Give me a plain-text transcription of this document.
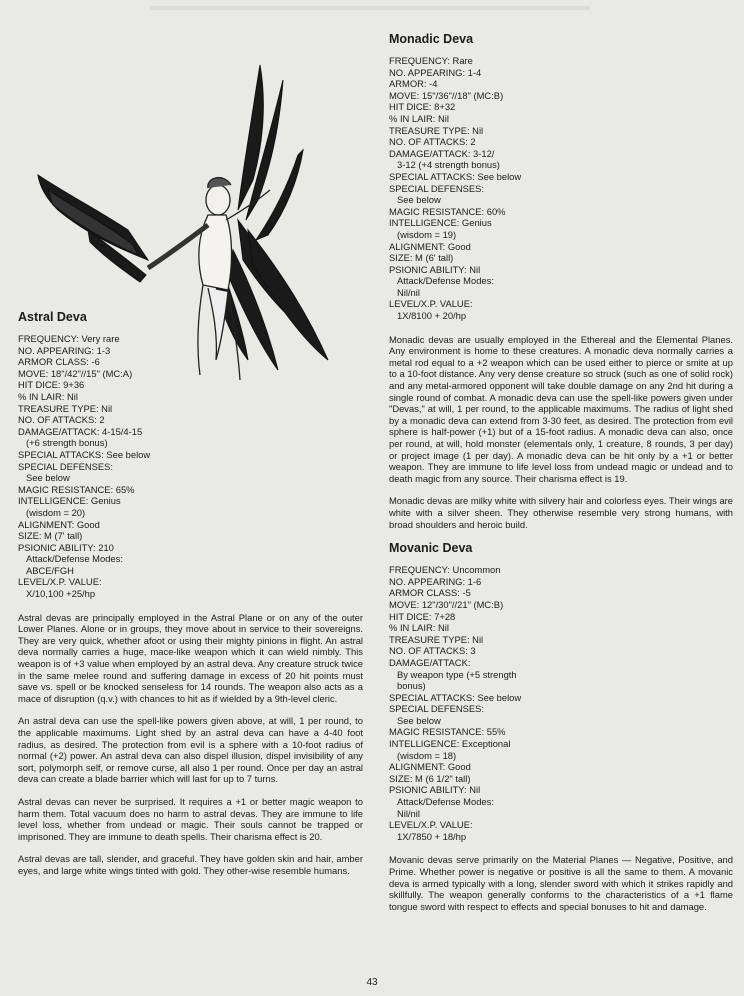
Astral Deva
FREQUENCY: Very rare
NO. APPEARING: 1-3
ARMOR CLASS: -6
MOVE: 18"/42"//15" (MC:A)
HIT DICE: 9+36
% IN LAIR: Nil
TREASURE TYPE: Nil
NO. OF ATTACKS: 2
DAMAGE/ATTACK: 4-15/4-15
(+6 strength bonus)
SPECIAL ATTACKS: See below
SPECIAL DEFENSES:
See below
MAGIC RESISTANCE: 65%
INTELLIGENCE: Genius
(wisdom = 20)
ALIGNMENT: Good
SIZE: M (7' tall)
PSIONIC ABILITY: 210
Attack/Defense Modes:
ABCE/FGH
LEVEL/X.P. VALUE:
X/10,100 +25/hp

Astral devas are principally employed in the Astral Plane or on any of the outer Lower Planes. Alone or in groups, they move about in service to their sovereigns. They are very quick, whether afoot or using their mighty pinions in flight. An astral deva normally carries a huge, mace-like weapon which it can wield nimbly. This weapon is of +3 value when employed by an astral deva. Any creature struck twice in the same melee round and suffering damage in excess of 20 hit points must save vs. spell or be knocked senseless for 14 rounds. The weapon also acts as a mace of disruption (q.v.) with chances to hit as if wielded by a 9th-level cleric.

An astral deva can use the spell-like powers given above, at will, 1 per round, to the applicable maximums. Light shed by an astral deva can have a 4-40 foot radius, as desired. The protection from evil is a sphere with a 10-foot radius of normal (+2) power. An astral deva can also dispel illusion, dispel invisibility of any sort, polymorph self, or remove curse, all also 1 per round. Once per day an astral deva can create a blade barrier which will last for up to 7 turns.

Astral devas can never be surprised. It requires a +1 or better magic weapon to harm them. Total vacuum does no harm to astral devas. They are immune to life level loss, whether from undead or magic. Their souls cannot be trapped or imprisoned. They are immune to death spells. Their charisma effect is 20.

Astral devas are tall, slender, and graceful. They have golden skin and hair, amber eyes, and large white wings tinted with gold. They other-wise resemble humans.

Monadic Deva
FREQUENCY: Rare
NO. APPEARING: 1-4
ARMOR: -4
MOVE: 15"/36"//18" (MC:B)
HIT DICE: 8+32
% IN LAIR: Nil
TREASURE TYPE: Nil
NO. OF ATTACKS: 2
DAMAGE/ATTACK: 3-12/
3-12 (+4 strength bonus)
SPECIAL ATTACKS: See below
SPECIAL DEFENSES:
See below
MAGIC RESISTANCE: 60%
INTELLIGENCE: Genius
(wisdom = 19)
ALIGNMENT: Good
SIZE: M (6' tall)
PSIONIC ABILITY: Nil
Attack/Defense Modes:
Nil/nil
LEVEL/X.P. VALUE:
1X/8100 + 20/hp

Monadic devas are usually employed in the Ethereal and the Elemental Planes. Any environment is home to these creatures. A monadic deva normally carries a metal rod equal to a +2 weapon which can be used either to pierce or smite at up to a 10-foot distance. Any very dense creature so struck (such as one of solid rock) and any metal-armored opponent will take double damage on any 2nd hit during a single round of combat. A monadic deva can use the spell-like powers given under "Devas," at will, 1 per round, to the applicable maximums. The radius of light shed by a monadic deva can extend from 3-30 feet, as desired. The protection from evil sphere is half-power (+1) but of a 15-foot radius. A monadic deva can also, once per round, at will, hold monster (elementals only, 1 creature, 8 rounds, 3 per day) or project image (1 per day). A monadic deva can be hit only by a +1 or better weapon. They are immune to life level loss from undead magic or undead and to death magic from any source. Their charisma effect is 19.

Monadic devas are milky white with silvery hair and colorless eyes. Their wings are white with a silver sheen. They otherwise resemble very strong humans, with broad shoulders and heroic build.

Movanic Deva
FREQUENCY: Uncommon
NO. APPEARING: 1-6
ARMOR CLASS: -5
MOVE: 12"/30"//21" (MC:B)
HIT DICE: 7+28
% IN LAIR: Nil
TREASURE TYPE: Nil
NO. OF ATTACKS: 3
DAMAGE/ATTACK:
By weapon type (+5 strength
bonus)
SPECIAL ATTACKS: See below
SPECIAL DEFENSES:
See below
MAGIC RESISTANCE: 55%
INTELLIGENCE: Exceptional
(wisdom = 18)
ALIGNMENT: Good
SIZE: M (6 1/2" tall)
PSIONIC ABILITY: Nil
Attack/Defense Modes:
Nil/nil
LEVEL/X.P. VALUE:
1X/7850 + 18/hp

Movanic devas serve primarily on the Material Planes — Negative, Positive, and Prime. Whether power is negative or positive is all the same to them. A movanic deva is armed typically with a long, slender sword with which it strikes rapidly and skillfully. The weapon generally conforms to the characteristics of a +1 flame tongue sword with respect to effects and special bonuses to hit and damage.

43
